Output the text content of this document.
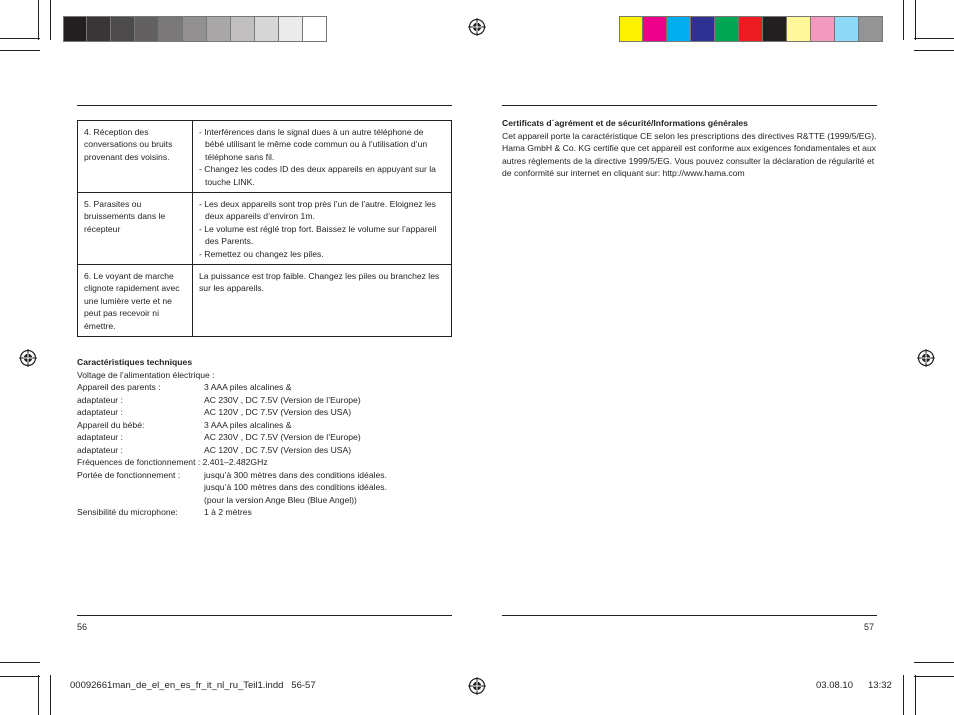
4. Réception des conversations ou bruits provenant des voisins.	- Interférences dans le signal dues à un autre téléphone de bébé utilisant le même code commun ou à l’utilisation d’un téléphone sans fil.
- Changez les codes ID des deux appareils en appuyant sur la touche LINK.

5. Parasites ou bruissements dans le récepteur	- Les deux appareils sont trop près l’un de l’autre. Eloignez les deux appareils d’environ 1m.
- Le volume est réglé trop fort. Baissez le volume sur l’appareil des Parents.
- Remettez ou changez les piles.

6. Le voyant de marche clignote rapidement avec une lumière verte et ne peut pas recevoir ni émettre.	La puissance est trop faible. Changez les piles ou branchez les sur les appareils.
Caractéristiques techniques
Voltage de l’alimentation électrique :
Appareil des parents :	3 AAA piles alcalines &
adaptateur :	AC 230V , DC 7.5V (Version de l’Europe)
adaptateur :	AC 120V , DC 7.5V (Version des USA)
Appareil du bébé:	3 AAA piles alcalines &
adaptateur :	AC 230V , DC 7.5V (Version de l’Europe)
adaptateur :	AC 120V , DC 7.5V (Version des USA)
Fréquences de fonctionnement : 2.401–2.482GHz
Portée de fonctionnement :	jusqu’à 300 mètres dans des conditions idéales.
jusqu’à 100 mètres dans des conditions idéales.
(pour la version Ange Bleu (Blue Angel))
Sensibilité du microphone:	1 à 2 mètres
Certificats d´agrément et de sécurité/Informations générales
Cet appareil porte la caractéristique CE selon les prescriptions des directives R&TTE (1999/5/EG).
Hama GmbH & Co. KG certifie que cet appareil est conforme aux exigences fondamentales et aux autres règlements de la directive 1999/5/EG. Vous pouvez consulter la déclaration de régularité et de conformité sur internet en cliquant sur: http://www.hama.com
56	57
00092661man_de_el_en_es_fr_it_nl_ru_Teil1.indd   56-57	03.08.10 13:32
